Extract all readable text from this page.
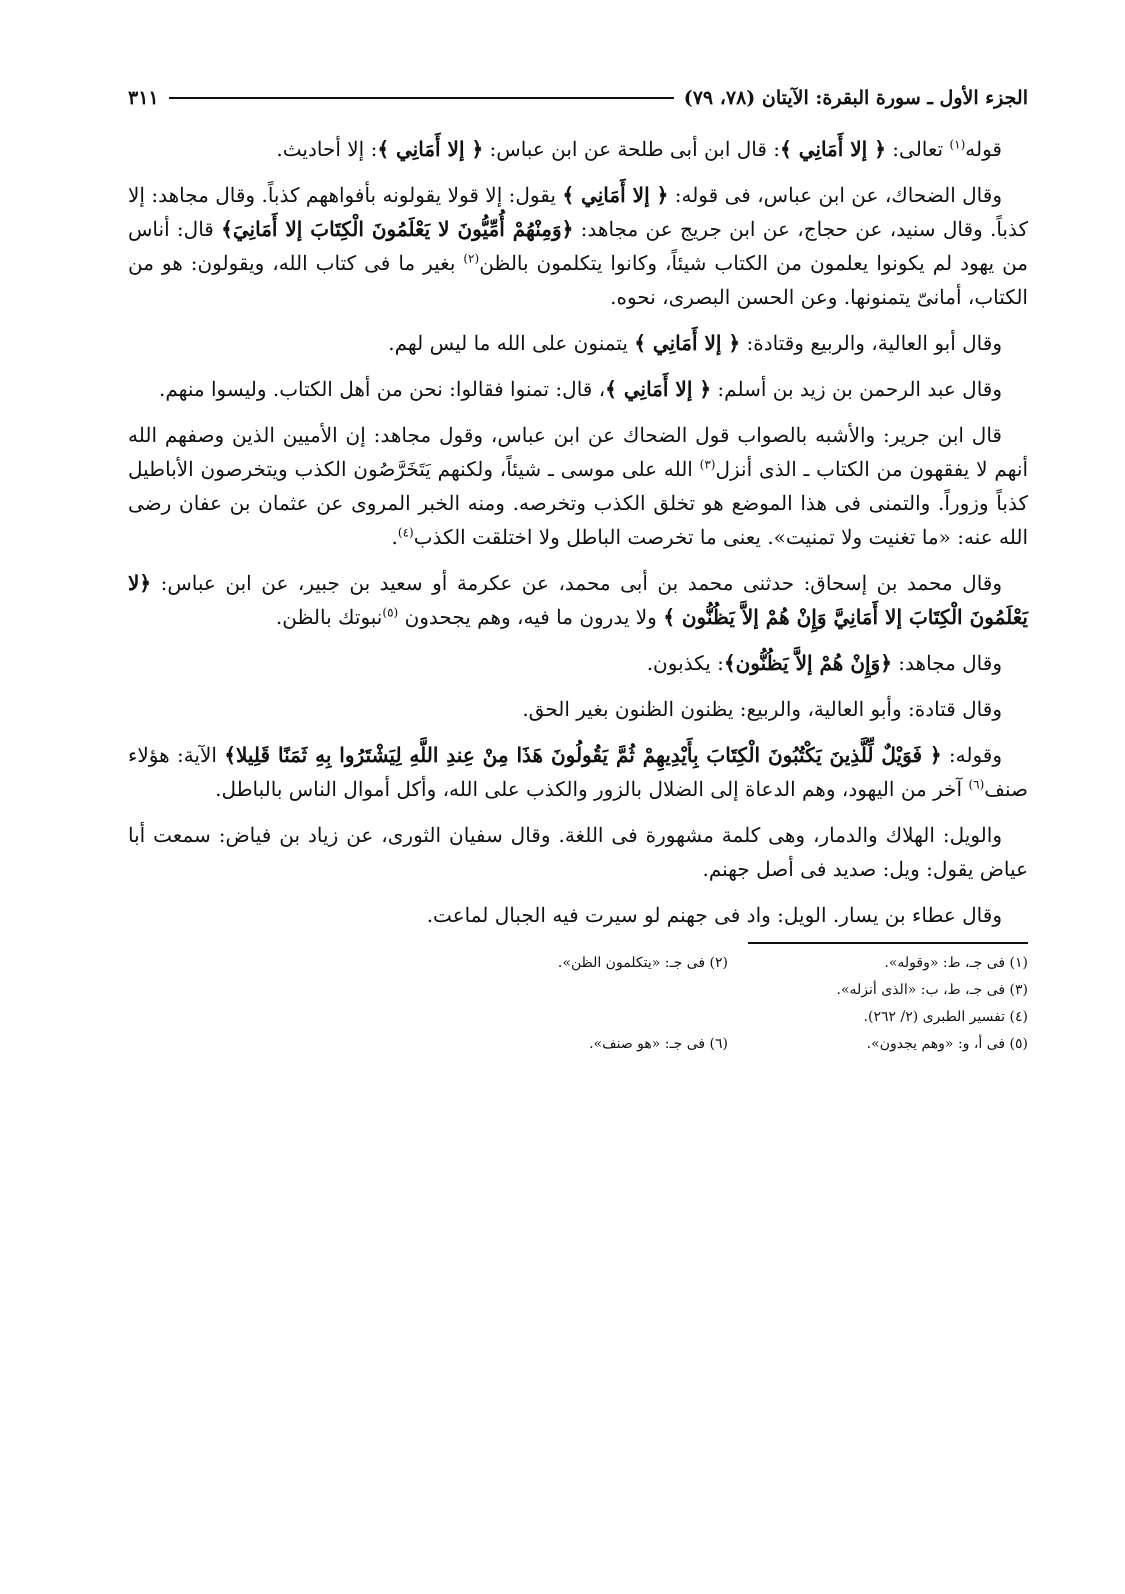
الجزء الأول ـ سورة البقرة: الآيتان (٧٨، ٧٩)
٣١١

قوله$^{(١)}$ تعالى: ﴿ إلا أَمَانِي ﴾: قال ابن أبى طلحة عن ابن عباس: ﴿ إلا أَمَانِي ﴾: إلا أحاديث.

وقال الضحاك، عن ابن عباس، فى قوله: ﴿ إلا أَمَانِي ﴾ يقول: إلا قولا يقولونه بأفواههم كذباً. وقال مجاهد: إلا كذباً. وقال سنيد، عن حجاج، عن ابن جريج عن مجاهد: ﴿وَمِنْهُمْ أُمِّيُّونَ لا يَعْلَمُونَ الْكِتَابَ إلا أَمَانِيَ﴾ قال: أناس من يهود لم يكونوا يعلمون من الكتاب شيئاً، وكانوا يتكلمون بالظن$^{(٢)}$ بغير ما فى كتاب الله، ويقولون: هو من الكتاب، أمانىّ يتمنونها. وعن الحسن البصرى، نحوه.

وقال أبو العالية، والربيع وقتادة: ﴿ إلا أَمَانِي ﴾ يتمنون على الله ما ليس لهم.

وقال عبد الرحمن بن زيد بن أسلم: ﴿ إلا أَمَانِي ﴾، قال: تمنوا فقالوا: نحن من أهل الكتاب. وليسوا منهم.

قال ابن جرير: والأشبه بالصواب قول الضحاك عن ابن عباس، وقول مجاهد: إن الأميين الذين وصفهم الله أنهم لا يفقهون من الكتاب ـ الذى أنزل$^{(٣)}$ الله على موسى ـ شيئاً، ولكنهم يَتَخَرَّصُون الكذب ويتخرصون الأباطيل كذباً وزوراً. والتمنى فى هذا الموضع هو تخلق الكذب وتخرصه. ومنه الخبر المروى عن عثمان بن عفان رضى الله عنه: «ما تغنيت ولا تمنيت». يعنى ما تخرصت الباطل ولا اختلقت الكذب$^{(٤)}$.

وقال محمد بن إسحاق: حدثنى محمد بن أبى محمد، عن عكرمة أو سعيد بن جبير، عن ابن عباس: ﴿لا يَعْلَمُونَ الْكِتَابَ إلا أَمَانِيَّ وَإِنْ هُمْ إلاَّ يَظُنُّون ﴾ ولا يدرون ما فيه، وهم يجحدون $^{(٥)}$نبوتك بالظن.

وقال مجاهد: ﴿وَإِنْ هُمْ إلاَّ يَظُنُّون﴾: يكذبون.

وقال قتادة: وأبو العالية، والربيع: يظنون الظنون بغير الحق.

وقوله: ﴿ فَوَيْلٌ لِّلَّذِينَ يَكْتُبُونَ الْكِتَابَ بِأَيْدِيهِمْ ثُمَّ يَقُولُونَ هَذَا مِنْ عِندِ اللَّهِ لِيَشْتَرُوا بِهِ ثَمَنًا قَلِيلا﴾ الآية: هؤلاء صنف$^{(٦)}$ آخر من اليهود، وهم الدعاة إلى الضلال بالزور والكذب على الله، وأكل أموال الناس بالباطل.

والويل: الهلاك والدمار، وهى كلمة مشهورة فى اللغة. وقال سفيان الثورى، عن زياد بن فياض: سمعت أبا عياض يقول: ويل: صديد فى أصل جهنم.

وقال عطاء بن يسار. الويل: واد فى جهنم لو سيرت فيه الجبال لماعت.

(١) فى جـ، ط: «وقوله».
(٢) فى جـ: «يتكلمون الظن».
(٣) فى جـ، ط، ب: «الذى أنزله».
(٤) تفسير الطبرى (٢/ ٢٦٢).
(٥) فى أ، و: «وهم يجدون».
(٦) فى جـ: «هو صنف».
